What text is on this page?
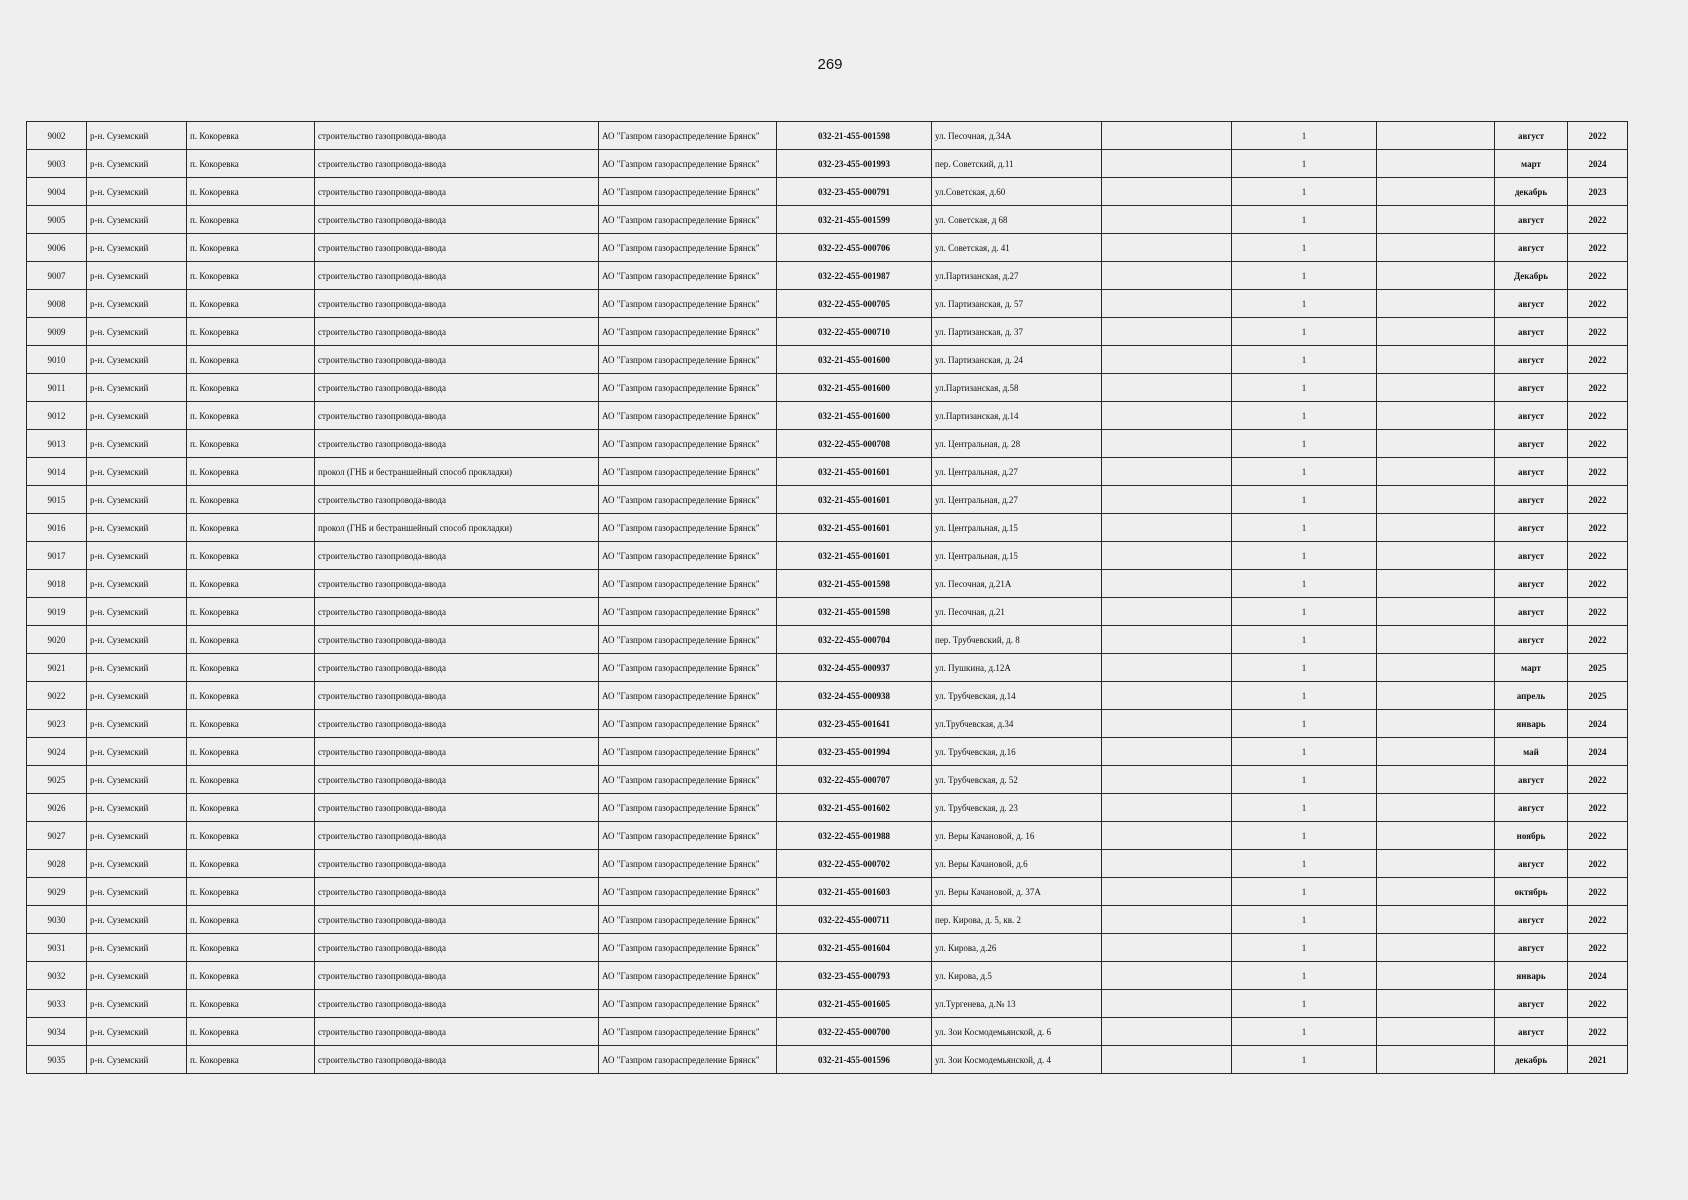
269
9002	р-н. Суземский	п. Кокоревка	строительство газопровода-ввода	АО "Газпром газораспределение Брянск"	032-21-455-001598	ул. Песочная, д.34А		1		август	2022
9003	р-н. Суземский	п. Кокоревка	строительство газопровода-ввода	АО "Газпром газораспределение Брянск"	032-23-455-001993	пер. Советский, д.11		1		март	2024
9004	р-н. Суземский	п. Кокоревка	строительство газопровода-ввода	АО "Газпром газораспределение Брянск"	032-23-455-000791	ул.Советская, д.60		1		декабрь	2023
9005	р-н. Суземский	п. Кокоревка	строительство газопровода-ввода	АО "Газпром газораспределение Брянск"	032-21-455-001599	ул. Советская, д 68		1		август	2022
9006	р-н. Суземский	п. Кокоревка	строительство газопровода-ввода	АО "Газпром газораспределение Брянск"	032-22-455-000706	ул. Советская, д. 41		1		август	2022
9007	р-н. Суземский	п. Кокоревка	строительство газопровода-ввода	АО "Газпром газораспределение Брянск"	032-22-455-001987	ул.Партизанская, д.27		1		Декабрь	2022
9008	р-н. Суземский	п. Кокоревка	строительство газопровода-ввода	АО "Газпром газораспределение Брянск"	032-22-455-000705	ул. Партизанская, д. 57		1		август	2022
9009	р-н. Суземский	п. Кокоревка	строительство газопровода-ввода	АО "Газпром газораспределение Брянск"	032-22-455-000710	ул. Партизанская, д. 37		1		август	2022
9010	р-н. Суземский	п. Кокоревка	строительство газопровода-ввода	АО "Газпром газораспределение Брянск"	032-21-455-001600	ул. Партизанская, д. 24		1		август	2022
9011	р-н. Суземский	п. Кокоревка	строительство газопровода-ввода	АО "Газпром газораспределение Брянск"	032-21-455-001600	ул.Партизанская, д.58		1		август	2022
9012	р-н. Суземский	п. Кокоревка	строительство газопровода-ввода	АО "Газпром газораспределение Брянск"	032-21-455-001600	ул.Партизанская, д.14		1		август	2022
9013	р-н. Суземский	п. Кокоревка	строительство газопровода-ввода	АО "Газпром газораспределение Брянск"	032-22-455-000708	ул. Центральная, д. 28		1		август	2022
9014	р-н. Суземский	п. Кокоревка	прокол (ГНБ и бестраншейный способ прокладки)	АО "Газпром газораспределение Брянск"	032-21-455-001601	ул. Центральная, д.27		1		август	2022
9015	р-н. Суземский	п. Кокоревка	строительство газопровода-ввода	АО "Газпром газораспределение Брянск"	032-21-455-001601	ул. Центральная, д.27		1		август	2022
9016	р-н. Суземский	п. Кокоревка	прокол (ГНБ и бестраншейный способ прокладки)	АО "Газпром газораспределение Брянск"	032-21-455-001601	ул. Центральная, д.15		1		август	2022
9017	р-н. Суземский	п. Кокоревка	строительство газопровода-ввода	АО "Газпром газораспределение Брянск"	032-21-455-001601	ул. Центральная, д.15		1		август	2022
9018	р-н. Суземский	п. Кокоревка	строительство газопровода-ввода	АО "Газпром газораспределение Брянск"	032-21-455-001598	ул. Песочная, д.21А		1		август	2022
9019	р-н. Суземский	п. Кокоревка	строительство газопровода-ввода	АО "Газпром газораспределение Брянск"	032-21-455-001598	ул. Песочная, д.21		1		август	2022
9020	р-н. Суземский	п. Кокоревка	строительство газопровода-ввода	АО "Газпром газораспределение Брянск"	032-22-455-000704	пер. Трубчевский, д. 8		1		август	2022
9021	р-н. Суземский	п. Кокоревка	строительство газопровода-ввода	АО "Газпром газораспределение Брянск"	032-24-455-000937	ул. Пушкина, д.12А		1		март	2025
9022	р-н. Суземский	п. Кокоревка	строительство газопровода-ввода	АО "Газпром газораспределение Брянск"	032-24-455-000938	ул. Трубчевская, д.14		1		апрель	2025
9023	р-н. Суземский	п. Кокоревка	строительство газопровода-ввода	АО "Газпром газораспределение Брянск"	032-23-455-001641	ул.Трубчевская, д.34		1		январь	2024
9024	р-н. Суземский	п. Кокоревка	строительство газопровода-ввода	АО "Газпром газораспределение Брянск"	032-23-455-001994	ул. Трубчевская, д.16		1		май	2024
9025	р-н. Суземский	п. Кокоревка	строительство газопровода-ввода	АО "Газпром газораспределение Брянск"	032-22-455-000707	ул. Трубчевская, д. 52		1		август	2022
9026	р-н. Суземский	п. Кокоревка	строительство газопровода-ввода	АО "Газпром газораспределение Брянск"	032-21-455-001602	ул. Трубчевская, д. 23		1		август	2022
9027	р-н. Суземский	п. Кокоревка	строительство газопровода-ввода	АО "Газпром газораспределение Брянск"	032-22-455-001988	ул. Веры Качановой, д. 16		1		ноябрь	2022
9028	р-н. Суземский	п. Кокоревка	строительство газопровода-ввода	АО "Газпром газораспределение Брянск"	032-22-455-000702	ул. Веры Качановой, д.6		1		август	2022
9029	р-н. Суземский	п. Кокоревка	строительство газопровода-ввода	АО "Газпром газораспределение Брянск"	032-21-455-001603	ул. Веры Качановой, д. 37А		1		октябрь	2022
9030	р-н. Суземский	п. Кокоревка	строительство газопровода-ввода	АО "Газпром газораспределение Брянск"	032-22-455-000711	пер. Кирова, д. 5, кв. 2		1		август	2022
9031	р-н. Суземский	п. Кокоревка	строительство газопровода-ввода	АО "Газпром газораспределение Брянск"	032-21-455-001604	ул. Кирова, д.26		1		август	2022
9032	р-н. Суземский	п. Кокоревка	строительство газопровода-ввода	АО "Газпром газораспределение Брянск"	032-23-455-000793	ул. Кирова, д.5		1		январь	2024
9033	р-н. Суземский	п. Кокоревка	строительство газопровода-ввода	АО "Газпром газораспределение Брянск"	032-21-455-001605	ул.Тургенева, д.№ 13		1		август	2022
9034	р-н. Суземский	п. Кокоревка	строительство газопровода-ввода	АО "Газпром газораспределение Брянск"	032-22-455-000700	ул. Зои Космодемьянской, д. 6		1		август	2022
9035	р-н. Суземский	п. Кокоревка	строительство газопровода-ввода	АО "Газпром газораспределение Брянск"	032-21-455-001596	ул. Зои Космодемьянской, д. 4		1		декабрь	2021
